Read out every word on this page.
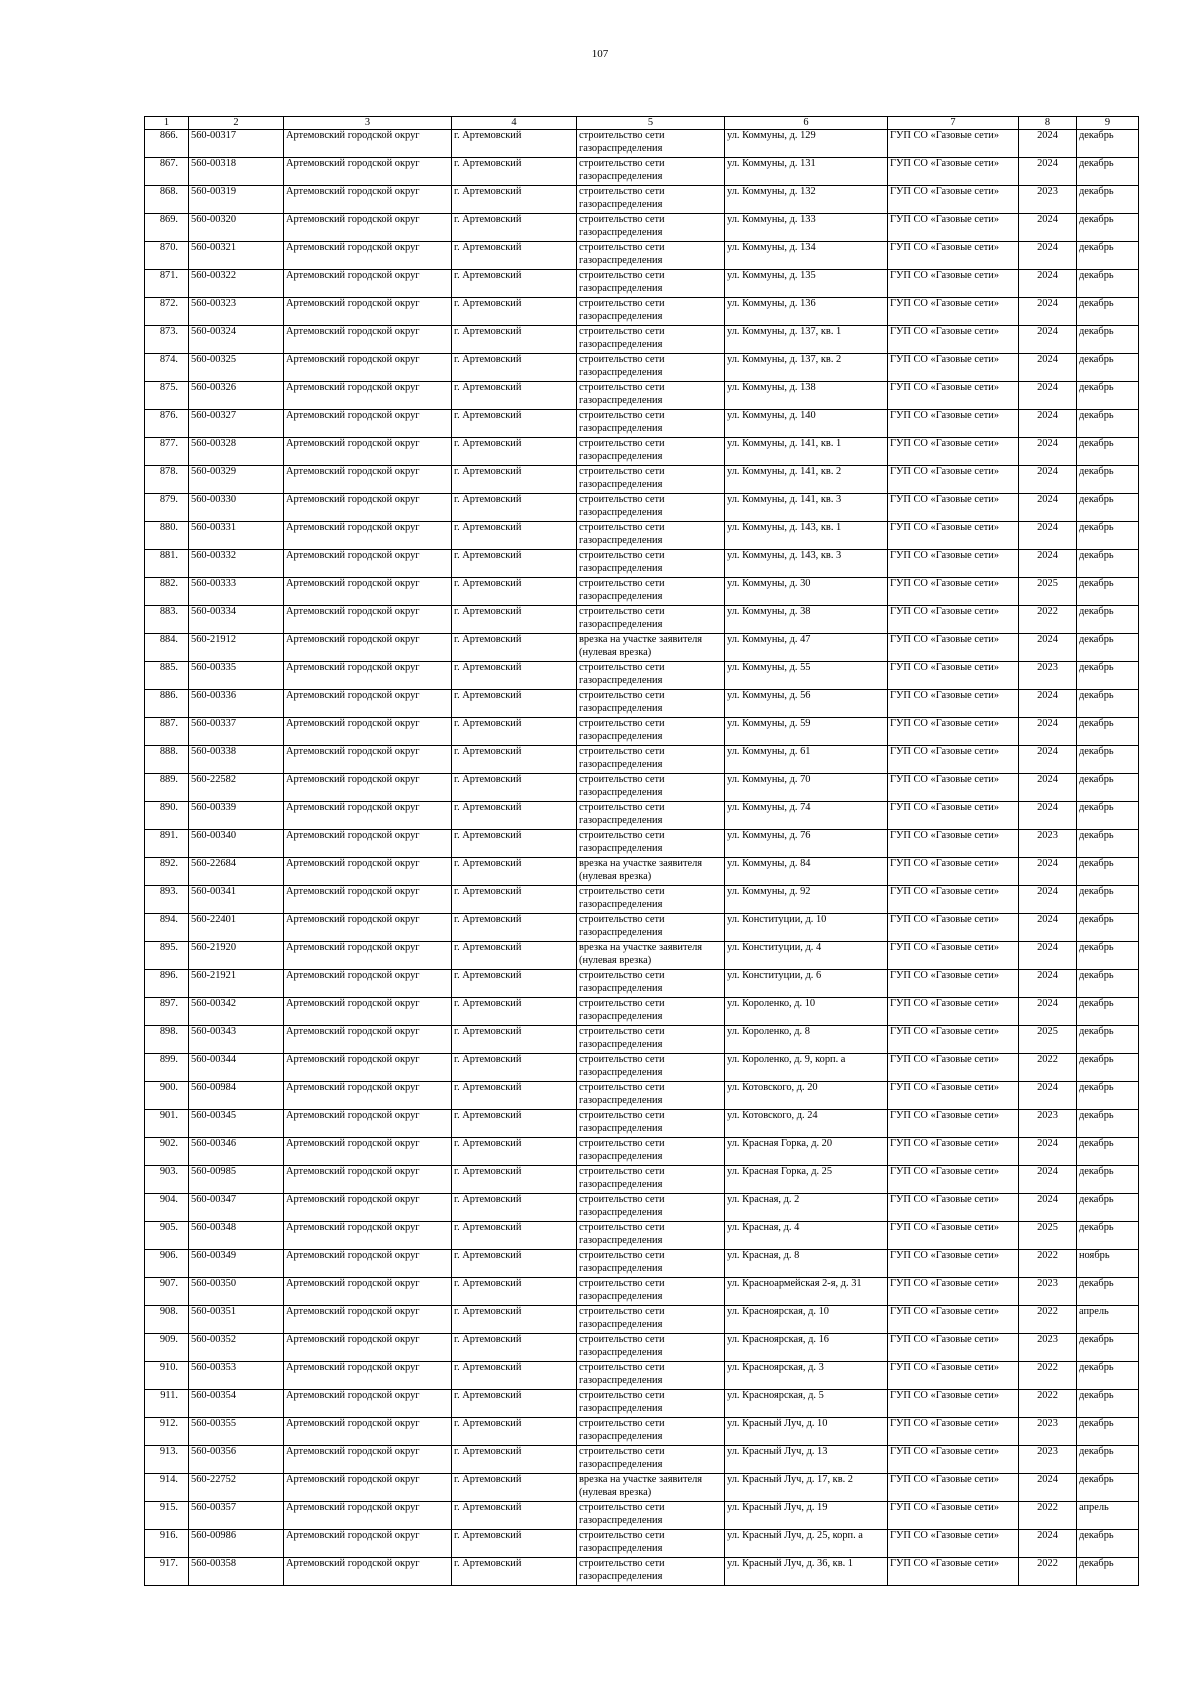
107
1	2	3	4	5	6	7	8	9
866.	560-00317	Артемовский городской округ	г. Артемовский	строительство сети газораспределения	ул. Коммуны, д. 129	ГУП СО «Газовые сети»	2024	декабрь
867.	560-00318	Артемовский городской округ	г. Артемовский	строительство сети газораспределения	ул. Коммуны, д. 131	ГУП СО «Газовые сети»	2024	декабрь
868.	560-00319	Артемовский городской округ	г. Артемовский	строительство сети газораспределения	ул. Коммуны, д. 132	ГУП СО «Газовые сети»	2023	декабрь
869.	560-00320	Артемовский городской округ	г. Артемовский	строительство сети газораспределения	ул. Коммуны, д. 133	ГУП СО «Газовые сети»	2024	декабрь
870.	560-00321	Артемовский городской округ	г. Артемовский	строительство сети газораспределения	ул. Коммуны, д. 134	ГУП СО «Газовые сети»	2024	декабрь
871.	560-00322	Артемовский городской округ	г. Артемовский	строительство сети газораспределения	ул. Коммуны, д. 135	ГУП СО «Газовые сети»	2024	декабрь
872.	560-00323	Артемовский городской округ	г. Артемовский	строительство сети газораспределения	ул. Коммуны, д. 136	ГУП СО «Газовые сети»	2024	декабрь
873.	560-00324	Артемовский городской округ	г. Артемовский	строительство сети газораспределения	ул. Коммуны, д. 137, кв. 1	ГУП СО «Газовые сети»	2024	декабрь
874.	560-00325	Артемовский городской округ	г. Артемовский	строительство сети газораспределения	ул. Коммуны, д. 137, кв. 2	ГУП СО «Газовые сети»	2024	декабрь
875.	560-00326	Артемовский городской округ	г. Артемовский	строительство сети газораспределения	ул. Коммуны, д. 138	ГУП СО «Газовые сети»	2024	декабрь
876.	560-00327	Артемовский городской округ	г. Артемовский	строительство сети газораспределения	ул. Коммуны, д. 140	ГУП СО «Газовые сети»	2024	декабрь
877.	560-00328	Артемовский городской округ	г. Артемовский	строительство сети газораспределения	ул. Коммуны, д. 141, кв. 1	ГУП СО «Газовые сети»	2024	декабрь
878.	560-00329	Артемовский городской округ	г. Артемовский	строительство сети газораспределения	ул. Коммуны, д. 141, кв. 2	ГУП СО «Газовые сети»	2024	декабрь
879.	560-00330	Артемовский городской округ	г. Артемовский	строительство сети газораспределения	ул. Коммуны, д. 141, кв. 3	ГУП СО «Газовые сети»	2024	декабрь
880.	560-00331	Артемовский городской округ	г. Артемовский	строительство сети газораспределения	ул. Коммуны, д. 143, кв. 1	ГУП СО «Газовые сети»	2024	декабрь
881.	560-00332	Артемовский городской округ	г. Артемовский	строительство сети газораспределения	ул. Коммуны, д. 143, кв. 3	ГУП СО «Газовые сети»	2024	декабрь
882.	560-00333	Артемовский городской округ	г. Артемовский	строительство сети газораспределения	ул. Коммуны, д. 30	ГУП СО «Газовые сети»	2025	декабрь
883.	560-00334	Артемовский городской округ	г. Артемовский	строительство сети газораспределения	ул. Коммуны, д. 38	ГУП СО «Газовые сети»	2022	декабрь
884.	560-21912	Артемовский городской округ	г. Артемовский	врезка на участке заявителя (нулевая врезка)	ул. Коммуны, д. 47	ГУП СО «Газовые сети»	2024	декабрь
885.	560-00335	Артемовский городской округ	г. Артемовский	строительство сети газораспределения	ул. Коммуны, д. 55	ГУП СО «Газовые сети»	2023	декабрь
886.	560-00336	Артемовский городской округ	г. Артемовский	строительство сети газораспределения	ул. Коммуны, д. 56	ГУП СО «Газовые сети»	2024	декабрь
887.	560-00337	Артемовский городской округ	г. Артемовский	строительство сети газораспределения	ул. Коммуны, д. 59	ГУП СО «Газовые сети»	2024	декабрь
888.	560-00338	Артемовский городской округ	г. Артемовский	строительство сети газораспределения	ул. Коммуны, д. 61	ГУП СО «Газовые сети»	2024	декабрь
889.	560-22582	Артемовский городской округ	г. Артемовский	строительство сети газораспределения	ул. Коммуны, д. 70	ГУП СО «Газовые сети»	2024	декабрь
890.	560-00339	Артемовский городской округ	г. Артемовский	строительство сети газораспределения	ул. Коммуны, д. 74	ГУП СО «Газовые сети»	2024	декабрь
891.	560-00340	Артемовский городской округ	г. Артемовский	строительство сети газораспределения	ул. Коммуны, д. 76	ГУП СО «Газовые сети»	2023	декабрь
892.	560-22684	Артемовский городской округ	г. Артемовский	врезка на участке заявителя (нулевая врезка)	ул. Коммуны, д. 84	ГУП СО «Газовые сети»	2024	декабрь
893.	560-00341	Артемовский городской округ	г. Артемовский	строительство сети газораспределения	ул. Коммуны, д. 92	ГУП СО «Газовые сети»	2024	декабрь
894.	560-22401	Артемовский городской округ	г. Артемовский	строительство сети газораспределения	ул. Конституции, д. 10	ГУП СО «Газовые сети»	2024	декабрь
895.	560-21920	Артемовский городской округ	г. Артемовский	врезка на участке заявителя (нулевая врезка)	ул. Конституции, д. 4	ГУП СО «Газовые сети»	2024	декабрь
896.	560-21921	Артемовский городской округ	г. Артемовский	строительство сети газораспределения	ул. Конституции, д. 6	ГУП СО «Газовые сети»	2024	декабрь
897.	560-00342	Артемовский городской округ	г. Артемовский	строительство сети газораспределения	ул. Короленко, д. 10	ГУП СО «Газовые сети»	2024	декабрь
898.	560-00343	Артемовский городской округ	г. Артемовский	строительство сети газораспределения	ул. Короленко, д. 8	ГУП СО «Газовые сети»	2025	декабрь
899.	560-00344	Артемовский городской округ	г. Артемовский	строительство сети газораспределения	ул. Короленко, д. 9, корп. а	ГУП СО «Газовые сети»	2022	декабрь
900.	560-00984	Артемовский городской округ	г. Артемовский	строительство сети газораспределения	ул. Котовского, д. 20	ГУП СО «Газовые сети»	2024	декабрь
901.	560-00345	Артемовский городской округ	г. Артемовский	строительство сети газораспределения	ул. Котовского, д. 24	ГУП СО «Газовые сети»	2023	декабрь
902.	560-00346	Артемовский городской округ	г. Артемовский	строительство сети газораспределения	ул. Красная Горка, д. 20	ГУП СО «Газовые сети»	2024	декабрь
903.	560-00985	Артемовский городской округ	г. Артемовский	строительство сети газораспределения	ул. Красная Горка, д. 25	ГУП СО «Газовые сети»	2024	декабрь
904.	560-00347	Артемовский городской округ	г. Артемовский	строительство сети газораспределения	ул. Красная, д. 2	ГУП СО «Газовые сети»	2024	декабрь
905.	560-00348	Артемовский городской округ	г. Артемовский	строительство сети газораспределения	ул. Красная, д. 4	ГУП СО «Газовые сети»	2025	декабрь
906.	560-00349	Артемовский городской округ	г. Артемовский	строительство сети газораспределения	ул. Красная, д. 8	ГУП СО «Газовые сети»	2022	ноябрь
907.	560-00350	Артемовский городской округ	г. Артемовский	строительство сети газораспределения	ул. Красноармейская 2-я, д. 31	ГУП СО «Газовые сети»	2023	декабрь
908.	560-00351	Артемовский городской округ	г. Артемовский	строительство сети газораспределения	ул. Красноярская, д. 10	ГУП СО «Газовые сети»	2022	апрель
909.	560-00352	Артемовский городской округ	г. Артемовский	строительство сети газораспределения	ул. Красноярская, д. 16	ГУП СО «Газовые сети»	2023	декабрь
910.	560-00353	Артемовский городской округ	г. Артемовский	строительство сети газораспределения	ул. Красноярская, д. 3	ГУП СО «Газовые сети»	2022	декабрь
911.	560-00354	Артемовский городской округ	г. Артемовский	строительство сети газораспределения	ул. Красноярская, д. 5	ГУП СО «Газовые сети»	2022	декабрь
912.	560-00355	Артемовский городской округ	г. Артемовский	строительство сети газораспределения	ул. Красный Луч, д. 10	ГУП СО «Газовые сети»	2023	декабрь
913.	560-00356	Артемовский городской округ	г. Артемовский	строительство сети газораспределения	ул. Красный Луч, д. 13	ГУП СО «Газовые сети»	2023	декабрь
914.	560-22752	Артемовский городской округ	г. Артемовский	врезка на участке заявителя (нулевая врезка)	ул. Красный Луч, д. 17, кв. 2	ГУП СО «Газовые сети»	2024	декабрь
915.	560-00357	Артемовский городской округ	г. Артемовский	строительство сети газораспределения	ул. Красный Луч, д. 19	ГУП СО «Газовые сети»	2022	апрель
916.	560-00986	Артемовский городской округ	г. Артемовский	строительство сети газораспределения	ул. Красный Луч, д. 25, корп. а	ГУП СО «Газовые сети»	2024	декабрь
917.	560-00358	Артемовский городской округ	г. Артемовский	строительство сети газораспределения	ул. Красный Луч, д. 36, кв. 1	ГУП СО «Газовые сети»	2022	декабрь
